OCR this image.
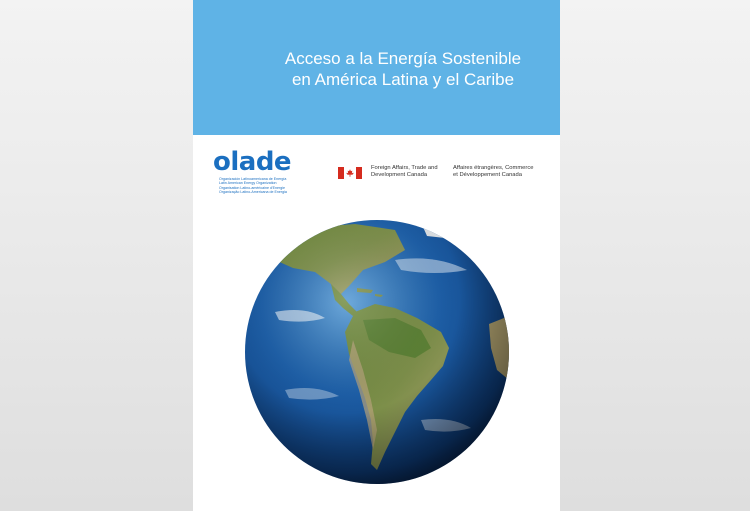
Acceso a la Energía Sostenible
en América Latina y el Caribe
olade
Organización Latinoamericana de Energía
Latin American Energy Organization
Organisation Latino-américaine d'Energie
Organização Latino-Americana de Energia
Foreign Affairs, Trade and
Development Canada
Affaires étrangères, Commerce
et Développement Canada
